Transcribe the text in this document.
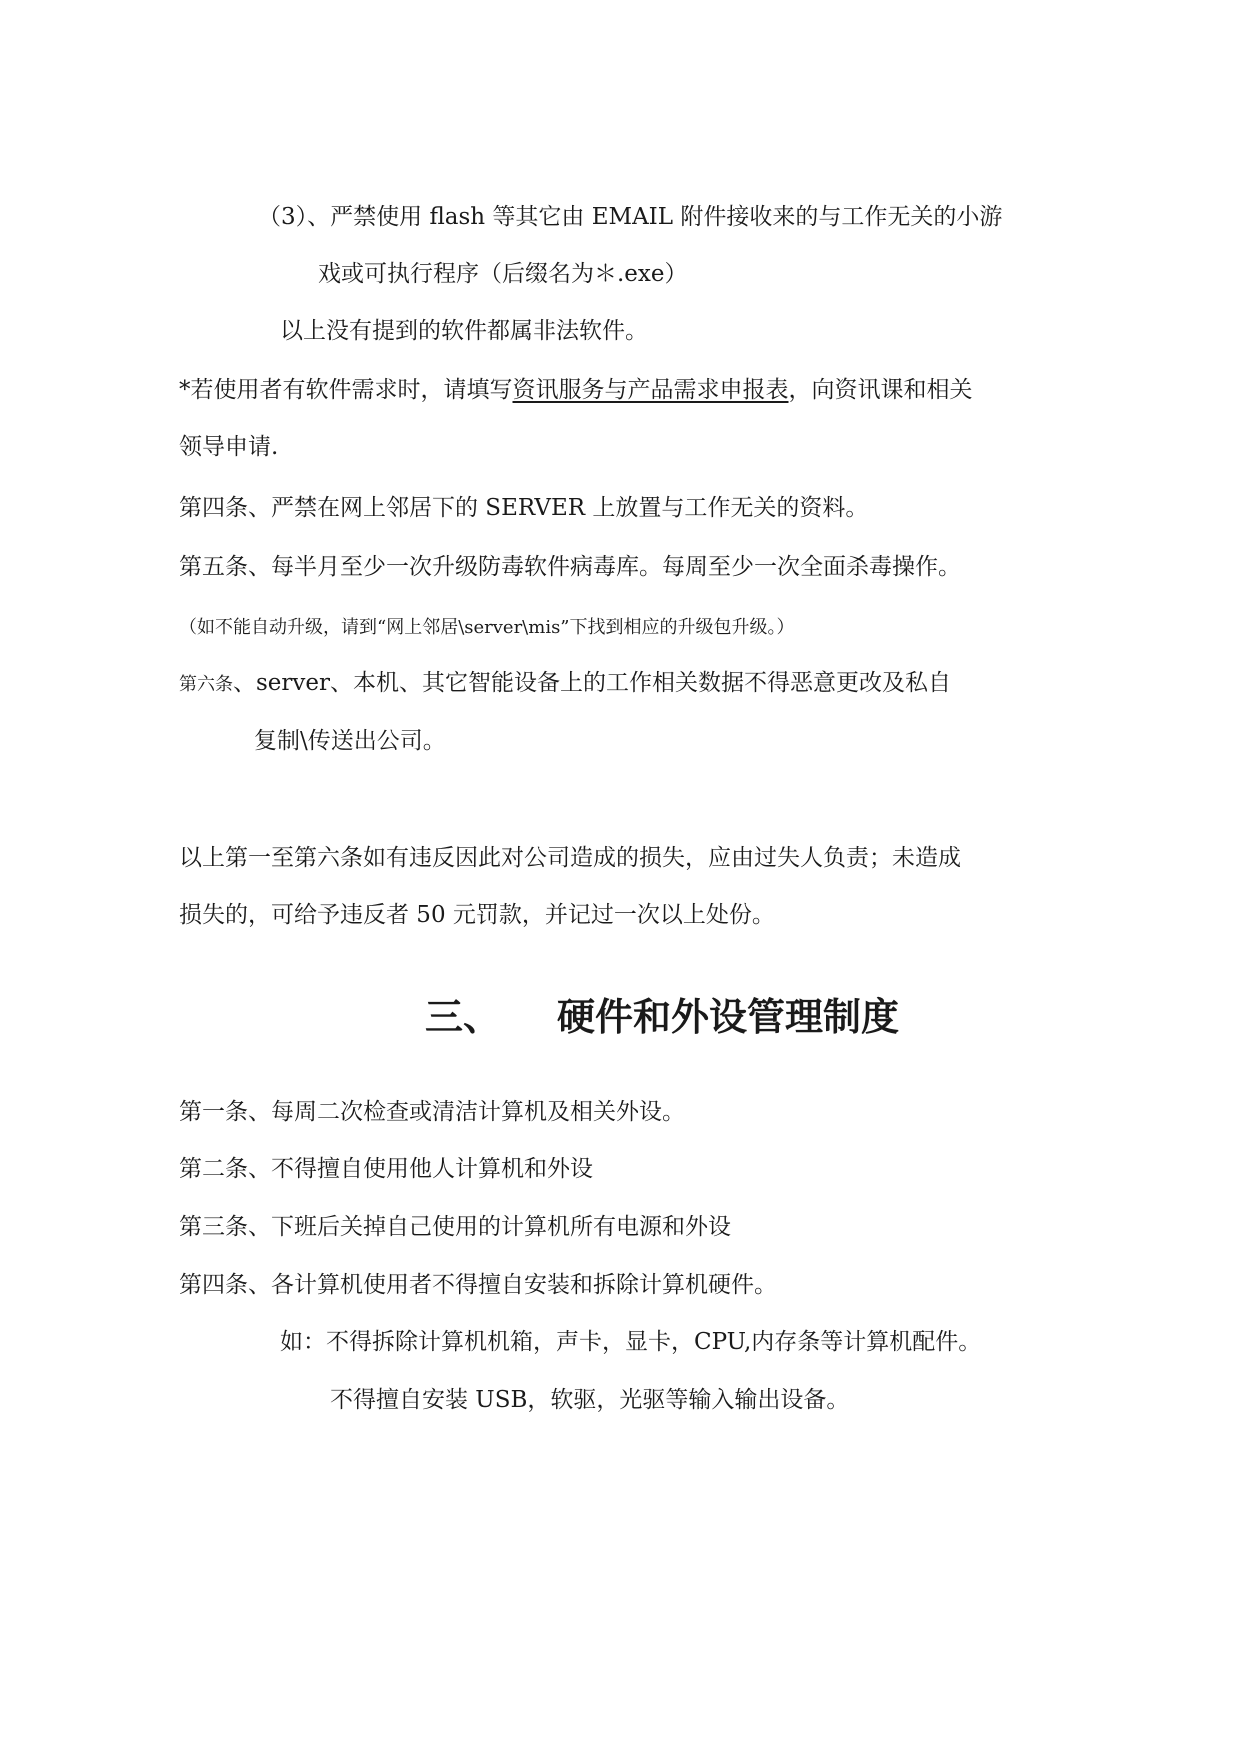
（3）、严禁使用 flash 等其它由 EMAIL 附件接收来的与工作无关的小游
戏或可执行程序（后缀名为＊.exe）
以上没有提到的软件都属非法软件。
*若使用者有软件需求时，请填写资讯服务与产品需求申报表，向资讯课和相关
领导申请.
第四条、严禁在网上邻居下的 SERVER 上放置与工作无关的资料。
第五条、每半月至少一次升级防毒软件病毒库。每周至少一次全面杀毒操作。
（如不能自动升级，请到“网上邻居\server\mis”下找到相应的升级包升级。）
第六条、server、本机、其它智能设备上的工作相关数据不得恶意更改及私自
复制\传送出公司。
以上第一至第六条如有违反因此对公司造成的损失，应由过失人负责；未造成
损失的，可给予违反者 50 元罚款，并记过一次以上处份。
三、 硬件和外设管理制度
第一条、每周二次检查或清洁计算机及相关外设。
第二条、不得擅自使用他人计算机和外设
第三条、下班后关掉自己使用的计算机所有电源和外设
第四条、各计算机使用者不得擅自安装和拆除计算机硬件。
如：不得拆除计算机机箱，声卡，显卡，CPU,内存条等计算机配件。
不得擅自安装 USB，软驱，光驱等输入输出设备。
